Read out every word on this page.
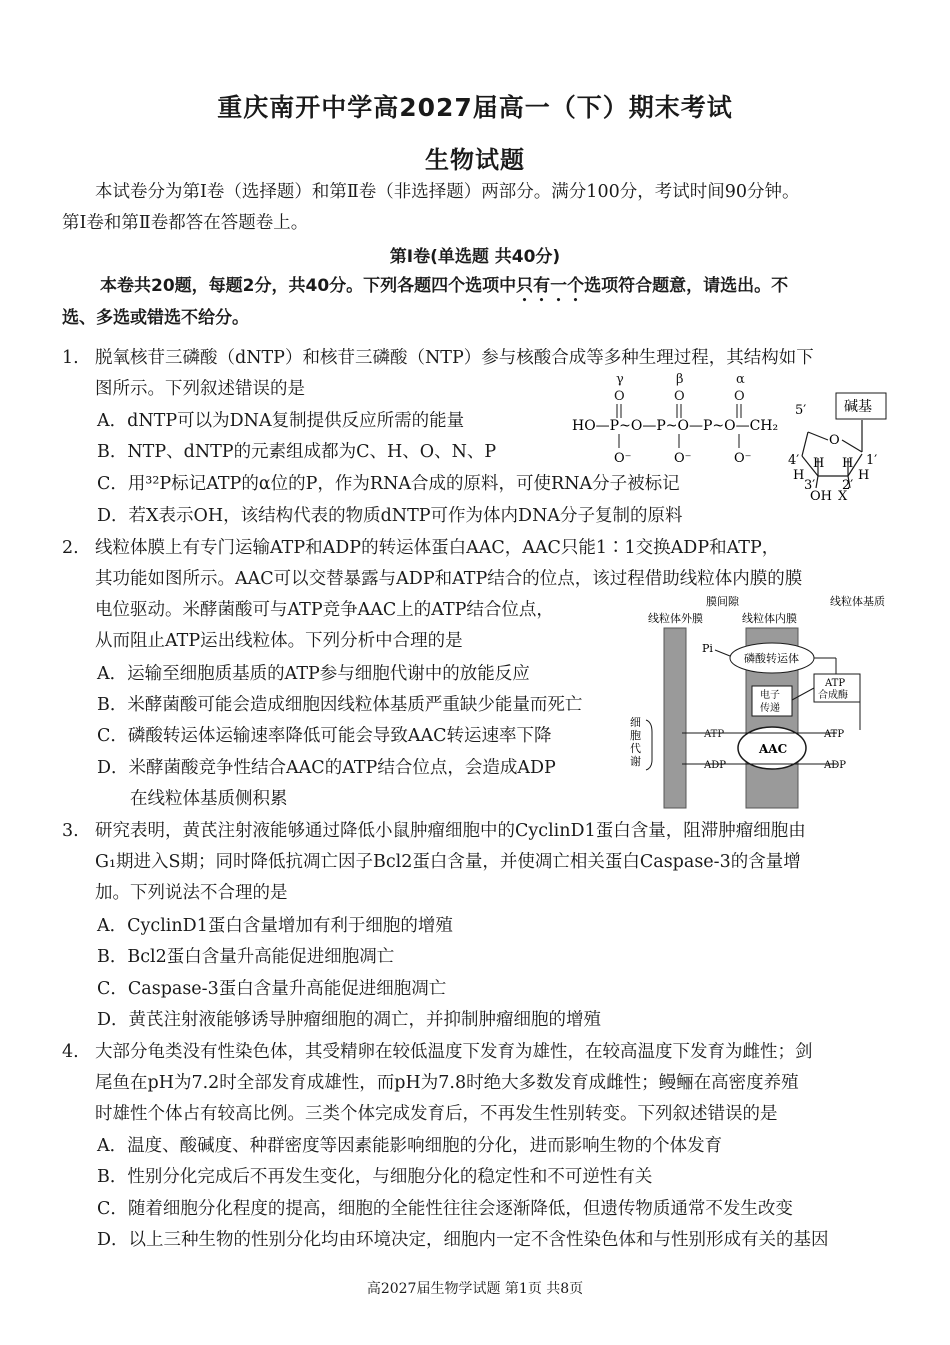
重庆南开中学高2027届高一（下）期末考试
生物试题
本试卷分为第Ⅰ卷（选择题）和第Ⅱ卷（非选择题）两部分。满分100分，考试时间90分钟。
第Ⅰ卷和第Ⅱ卷都答在答题卷上。
第Ⅰ卷(单选题 共40分)
本卷共20题，每题2分，共40分。下列各题四个选项中只有一个选项符合题意，请选出。不
选、多选或错选不给分。
1. 脱氧核苷三磷酸（dNTP）和核苷三磷酸（NTP）参与核酸合成等多种生理过程，其结构如下
图所示。下列叙述错误的是
A．dNTP可以为DNA复制提供反应所需的能量
B．NTP、dNTP的元素组成都为C、H、O、N、P
C．用³²P标记ATP的α位的P，作为RNA合成的原料，可使RNA分子被标记
D．若X表示OH，该结构代表的物质dNTP可作为体内DNA分子复制的原料
γ	β	α
O	O	O
HO—P~O—P~O—P~O—CH₂
O⁻	O⁻	O⁻
5′	碱基
O
4′	1′
H H
H	H
3′ 2′
OH X
2. 线粒体膜上有专门运输ATP和ADP的转运体蛋白AAC，AAC只能1∶1交换ADP和ATP，
其功能如图所示。AAC可以交替暴露与ADP和ATP结合的位点，该过程借助线粒体内膜的膜
电位驱动。米酵菌酸可与ATP竞争AAC上的ATP结合位点，
从而阻止ATP运出线粒体。下列分析中合理的是
A．运输至细胞质基质的ATP参与细胞代谢中的放能反应
B．米酵菌酸可能会造成细胞因线粒体基质严重缺少能量而死亡
C．磷酸转运体运输速率降低可能会导致AAC转运速率下降
D．米酵菌酸竞争性结合AAC的ATP结合位点，会造成ADP
在线粒体基质侧积累
膜间隙	线粒体基质
线粒体外膜	线粒体内膜
磷酸转运体
Pi
电子传递
ATP 合成酶
AAC
ATP	ATP
ADP	ADP
细胞代谢
3. 研究表明，黄芪注射液能够通过降低小鼠肿瘤细胞中的CyclinD1蛋白含量，阻滞肿瘤细胞由
G₁期进入S期；同时降低抗凋亡因子Bcl2蛋白含量，并使凋亡相关蛋白Caspase-3的含量增
加。下列说法不合理的是
A．CyclinD1蛋白含量增加有利于细胞的增殖
B．Bcl2蛋白含量升高能促进细胞凋亡
C．Caspase-3蛋白含量升高能促进细胞凋亡
D．黄芪注射液能够诱导肿瘤细胞的凋亡，并抑制肿瘤细胞的增殖
4. 大部分龟类没有性染色体，其受精卵在较低温度下发育为雄性，在较高温度下发育为雌性；剑
尾鱼在pH为7.2时全部发育成雄性，而pH为7.8时绝大多数发育成雌性；鳗鲡在高密度养殖
时雄性个体占有较高比例。三类个体完成发育后，不再发生性别转变。下列叙述错误的是
A．温度、酸碱度、种群密度等因素能影响细胞的分化，进而影响生物的个体发育
B．性别分化完成后不再发生变化，与细胞分化的稳定性和不可逆性有关
C．随着细胞分化程度的提高，细胞的全能性往往会逐渐降低，但遗传物质通常不发生改变
D．以上三种生物的性别分化均由环境决定，细胞内一定不含性染色体和与性别形成有关的基因
高2027届生物学试题 第1页 共8页
